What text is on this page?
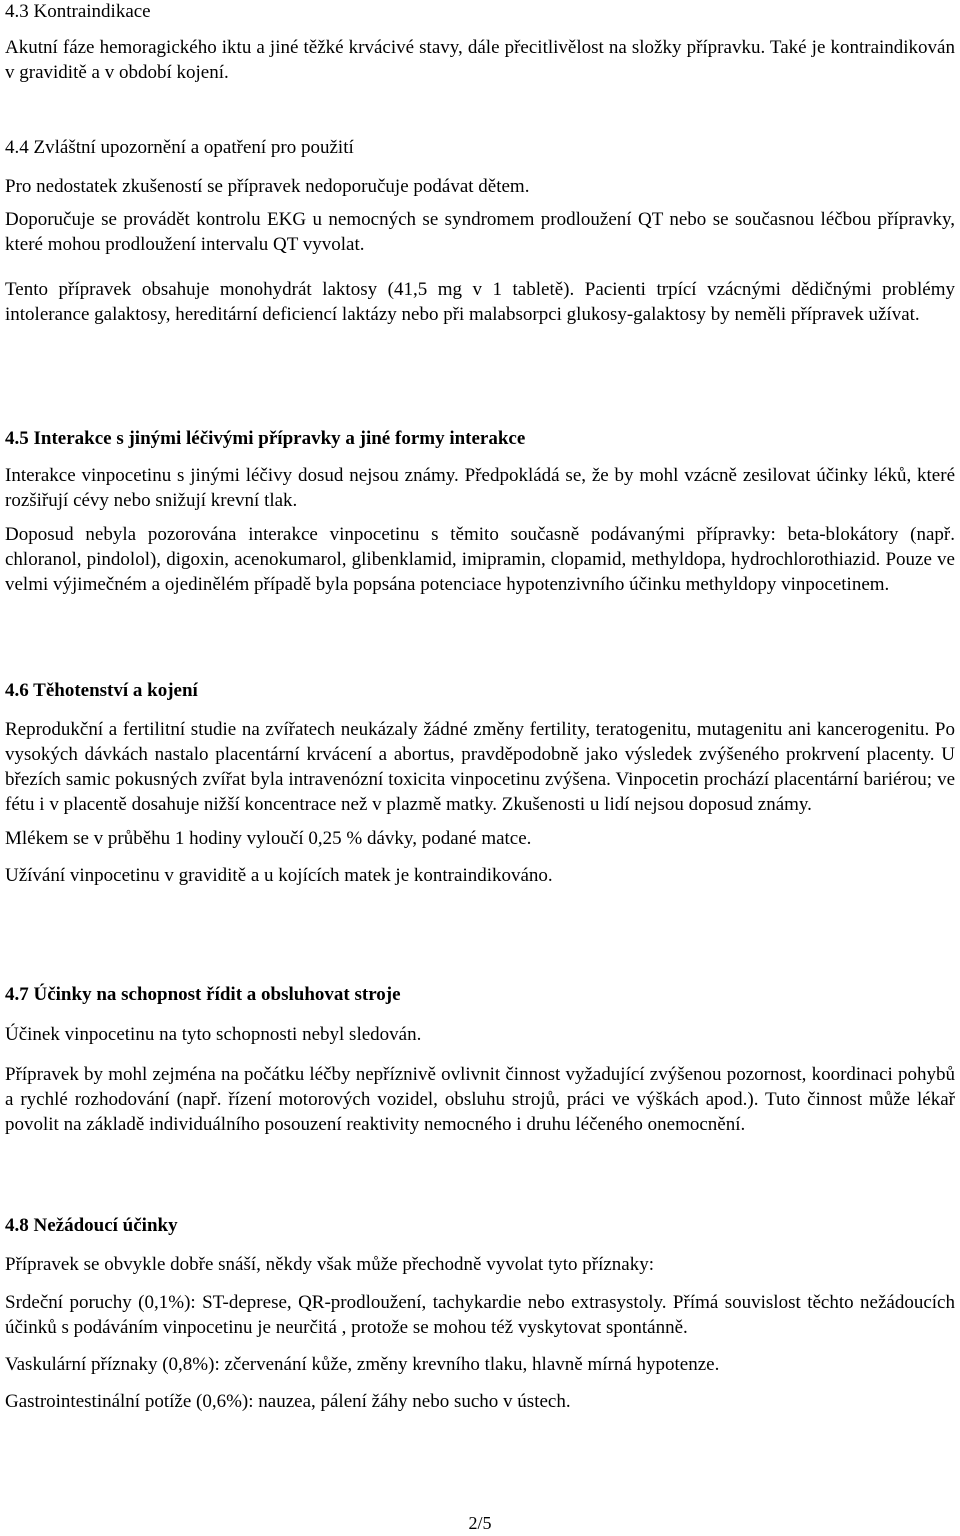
4.3 Kontraindikace

Akutní fáze hemoragického iktu a jiné těžké krvácivé stavy, dále přecitlivělost na složky přípravku. Také je kontraindikován v graviditě a v období kojení.

4.4 Zvláštní upozornění a opatření pro použití

Pro nedostatek zkušeností se přípravek nedoporučuje podávat dětem.

Doporučuje se provádět kontrolu EKG u nemocných se syndromem prodloužení QT nebo se současnou léčbou přípravky, které mohou prodloužení intervalu QT vyvolat.

Tento přípravek obsahuje monohydrát laktosy (41,5 mg v 1 tabletě). Pacienti trpící vzácnými dědičnými problémy intolerance galaktosy, hereditární deficiencí laktázy nebo při malabsorpci glukosy-galaktosy by neměli přípravek užívat.

4.5 Interakce s jinými léčivými přípravky a jiné formy interakce

Interakce vinpocetinu s jinými léčivy dosud nejsou známy. Předpokládá se, že by mohl vzácně zesilovat účinky léků, které rozšiřují cévy nebo snižují krevní tlak.

Doposud nebyla pozorována interakce vinpocetinu s těmito současně podávanými přípravky: beta-blokátory (např. chloranol, pindolol), digoxin, acenokumarol, glibenklamid, imipramin, clopamid, methyldopa, hydrochlorothiazid. Pouze ve velmi výjimečném a ojedinělém případě byla popsána potenciace hypotenzivního účinku methyldopy vinpocetinem.

4.6 Těhotenství a kojení

Reprodukční a fertilitní studie na zvířatech neukázaly žádné změny fertility, teratogenitu, mutagenitu ani kancerogenitu. Po vysokých dávkách nastalo placentární krvácení a abortus, pravděpodobně jako výsledek zvýšeného prokrvení placenty. U březích samic pokusných zvířat byla intravenózní toxicita vinpocetinu zvýšena. Vinpocetin prochází placentární bariérou; ve fétu i v placentě dosahuje nižší koncentrace než v plazmě matky. Zkušenosti u lidí nejsou doposud známy.

Mlékem se v průběhu 1 hodiny vyloučí 0,25 % dávky, podané matce.

Užívání vinpocetinu v graviditě a u kojících matek je kontraindikováno.

4.7 Účinky na schopnost řídit a obsluhovat stroje

Účinek vinpocetinu na tyto schopnosti nebyl sledován.

Přípravek by mohl zejména na počátku léčby nepříznivě ovlivnit činnost vyžadující zvýšenou pozornost, koordinaci pohybů a rychlé rozhodování (např. řízení motorových vozidel, obsluhu strojů, práci ve výškách apod.). Tuto činnost může lékař povolit na základě individuálního posouzení reaktivity nemocného i druhu léčeného onemocnění.

4.8 Nežádoucí účinky

Přípravek se obvykle dobře snáší, někdy však může přechodně vyvolat tyto příznaky:

Srdeční poruchy (0,1%): ST-deprese, QR-prodloužení, tachykardie nebo extrasystoly. Přímá souvislost těchto nežádoucích účinků s podáváním vinpocetinu je neurčitá , protože se mohou též vyskytovat spontánně.

Vaskulární příznaky (0,8%): zčervenání kůže, změny krevního tlaku, hlavně mírná hypotenze.

Gastrointestinální potíže (0,6%): nauzea, pálení žáhy nebo sucho v ústech.

2/5
